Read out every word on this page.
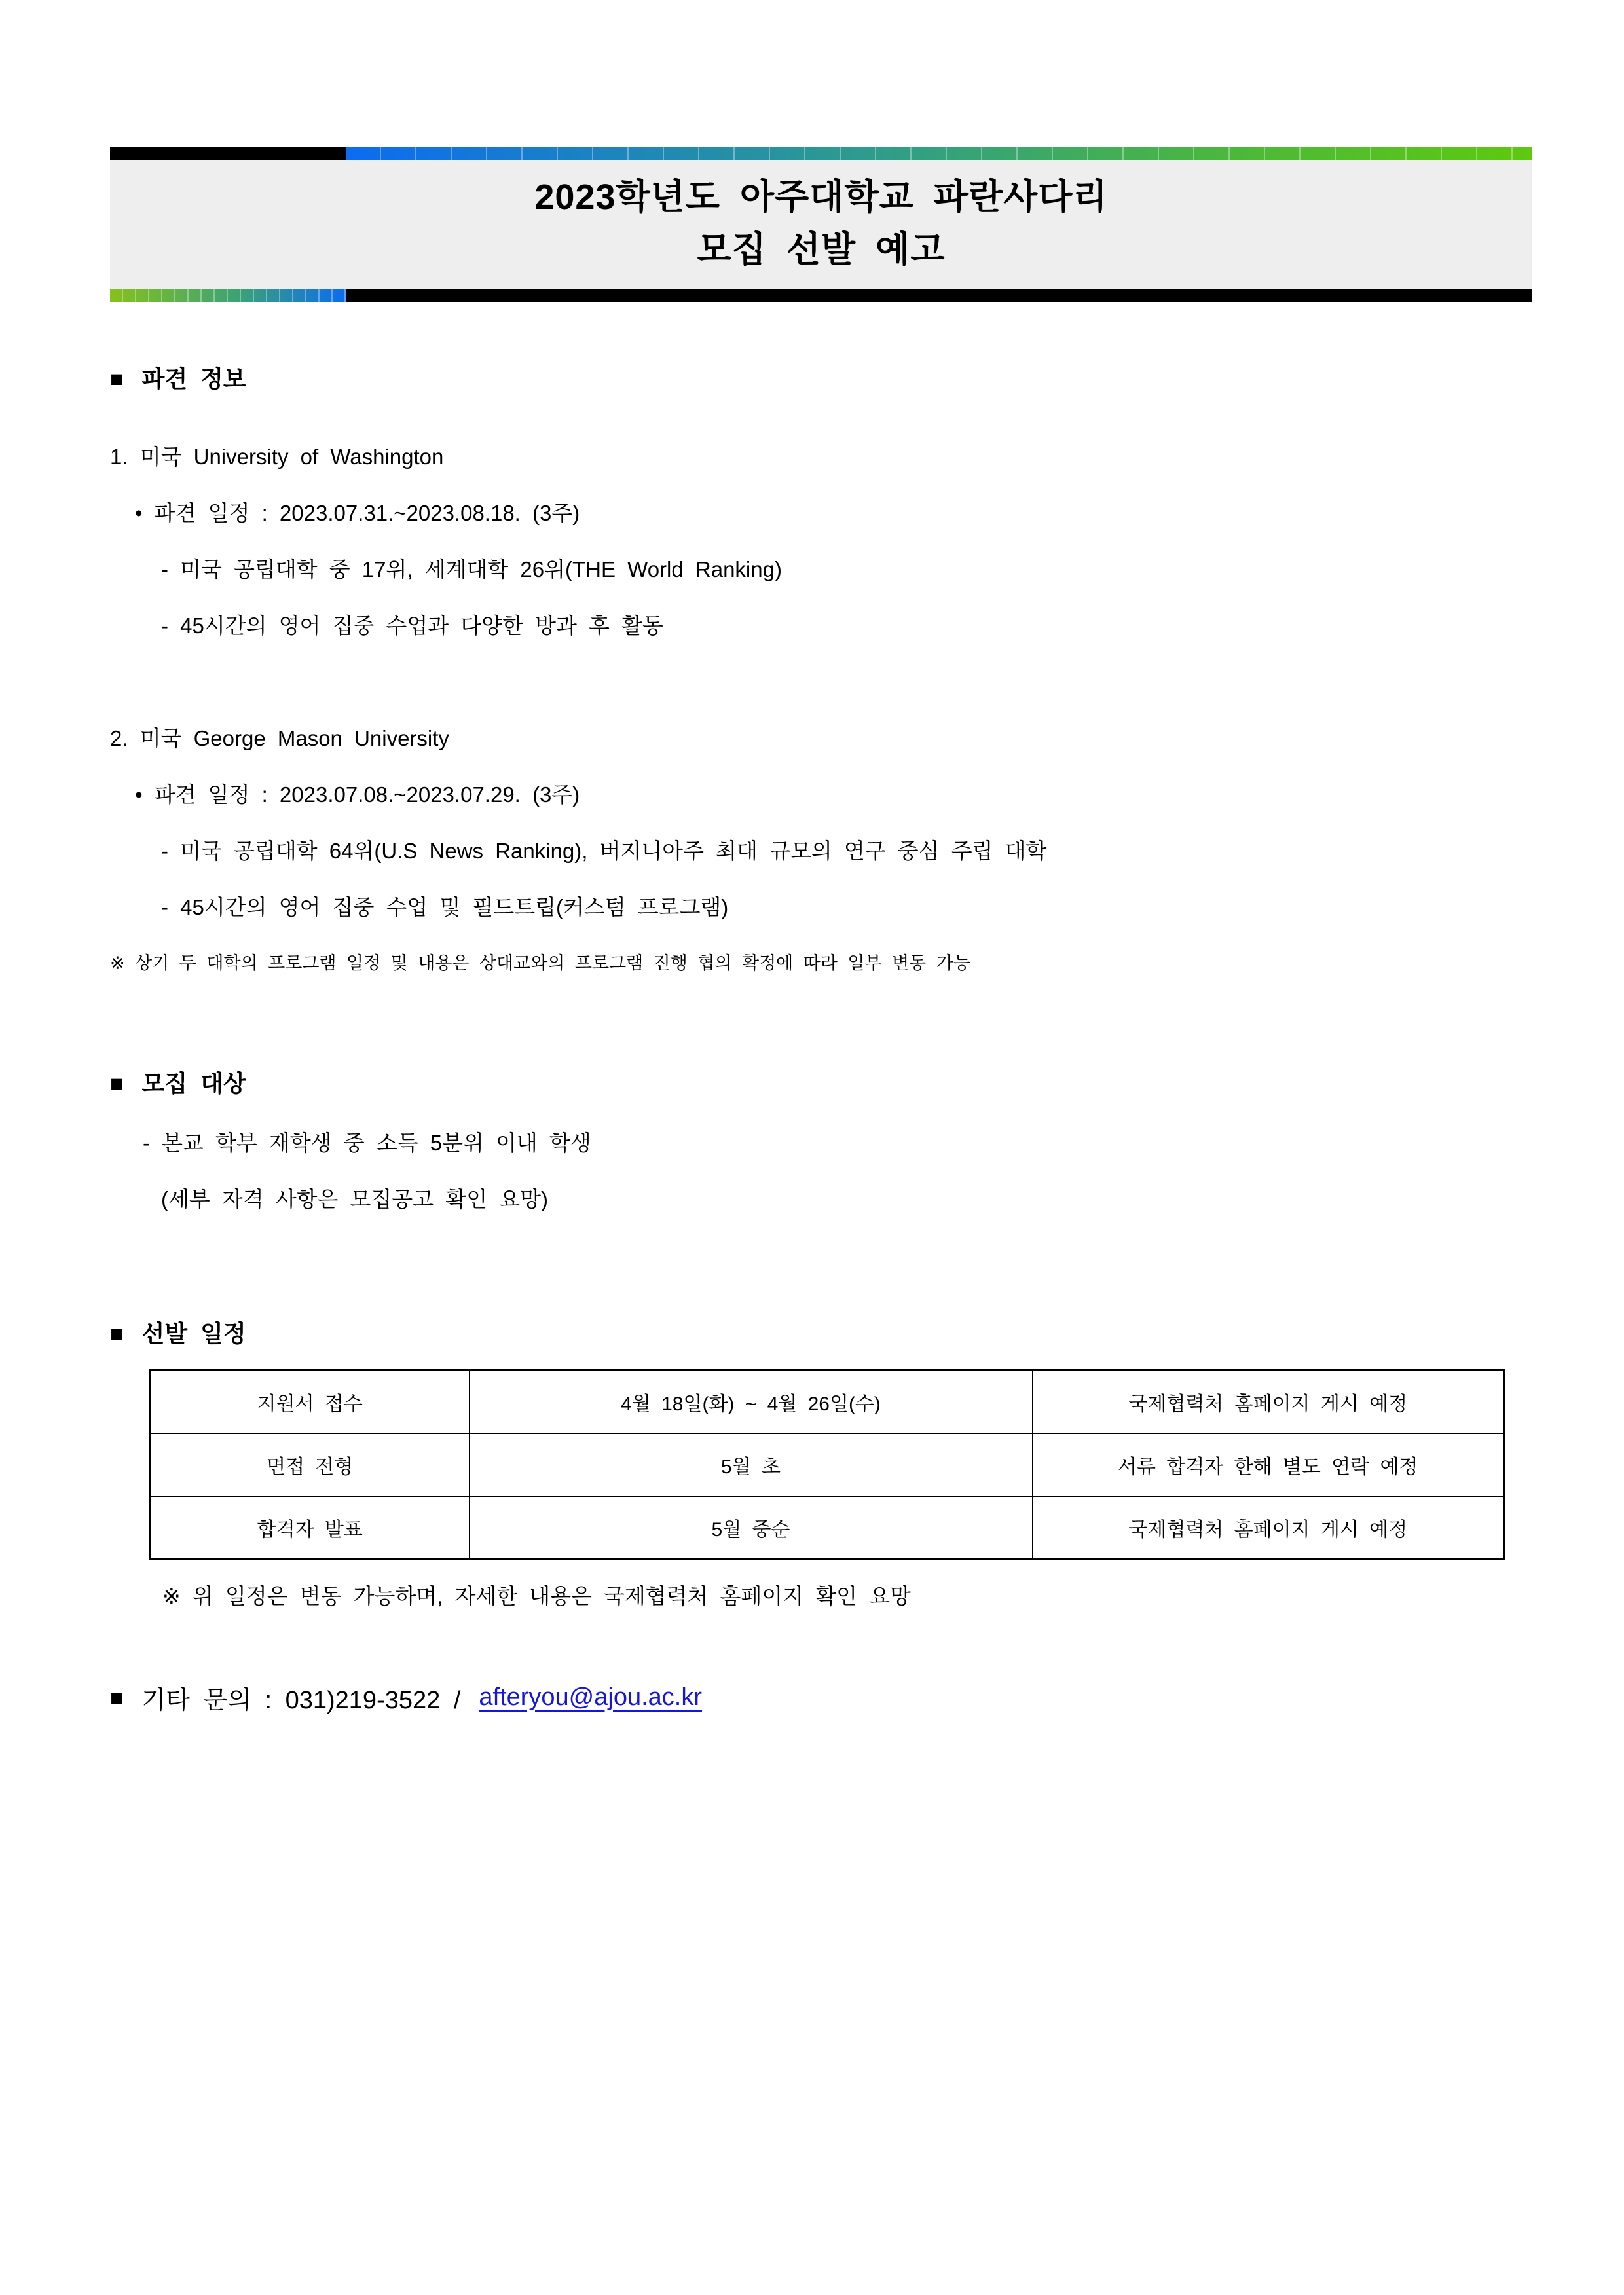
2023학년도 아주대학교 파란사다리
모집 선발 예고
■ 파견 정보
1. 미국 University of Washington
• 파견 일정 : 2023.07.31.~2023.08.18. (3주)
- 미국 공립대학 중 17위, 세계대학 26위(THE World Ranking)
- 45시간의 영어 집중 수업과 다양한 방과 후 활동
2. 미국 George Mason University
• 파견 일정 : 2023.07.08.~2023.07.29. (3주)
- 미국 공립대학 64위(U.S News Ranking), 버지니아주 최대 규모의 연구 중심 주립 대학
- 45시간의 영어 집중 수업 및 필드트립(커스텀 프로그램)
※ 상기 두 대학의 프로그램 일정 및 내용은 상대교와의 프로그램 진행 협의 확정에 따라 일부 변동 가능
■ 모집 대상
- 본교 학부 재학생 중 소득 5분위 이내 학생
(세부 자격 사항은 모집공고 확인 요망)
■ 선발 일정
지원서 접수	4월 18일(화) ~ 4월 26일(수)	국제협력처 홈페이지 게시 예정
면접 전형	5월 초	서류 합격자 한해 별도 연락 예정
합격자 발표	5월 중순	국제협력처 홈페이지 게시 예정
※ 위 일정은 변동 가능하며, 자세한 내용은 국제협력처 홈페이지 확인 요망
■ 기타 문의 : 031)219-3522 / afteryou@ajou.ac.kr
